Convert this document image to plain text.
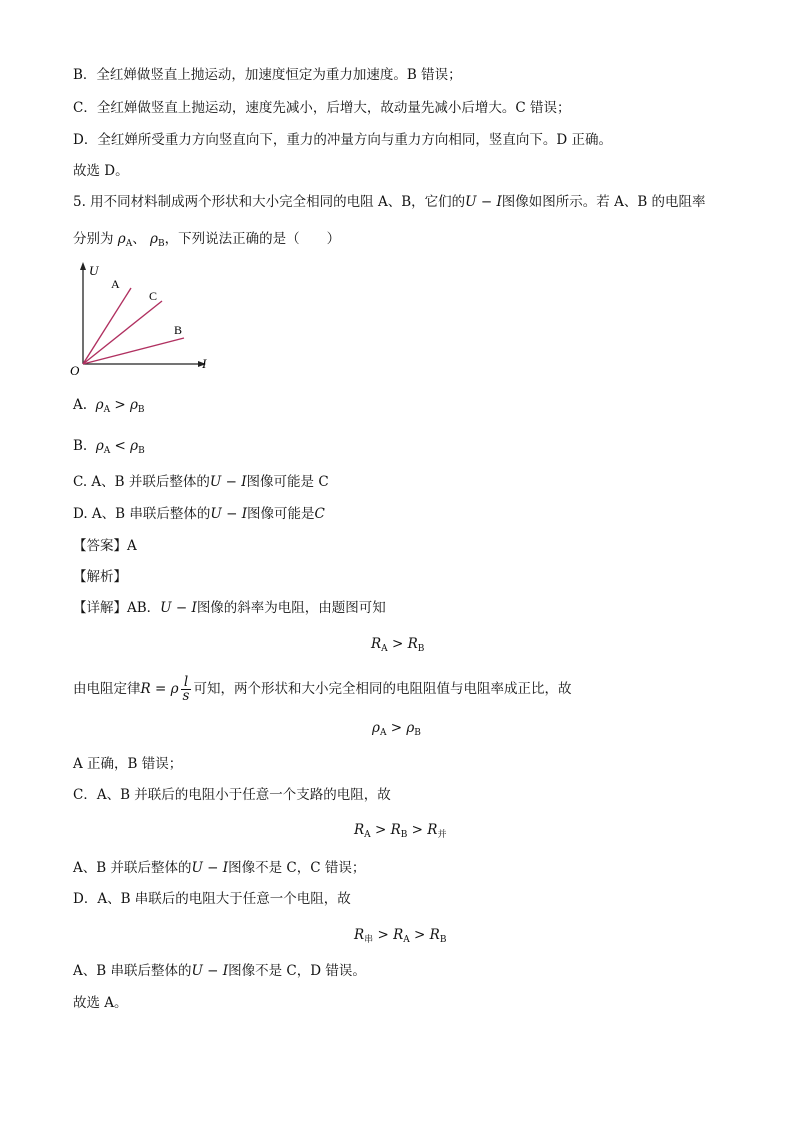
B．全红婵做竖直上抛运动，加速度恒定为重力加速度。B 错误；
C．全红婵做竖直上抛运动，速度先减小，后增大，故动量先减小后增大。C 错误；
D．全红婵所受重力方向竖直向下，重力的冲量方向与重力方向相同，竖直向下。D 正确。
故选 D。
5. 用不同材料制成两个形状和大小完全相同的电阻 A、B，它们的U − I图像如图所示。若 A、B 的电阻率
分别为 $\rho_A$、 $\rho_B$，下列说法正确的是（　　）
U
I
O
A
C
B
A. $\rho_A > \rho_B$
B. $\rho_A < \rho_B$
C. A、B 并联后整体的U − I图像可能是 C
D. A、B 串联后整体的U − I图像可能是C
【答案】A
【解析】
【详解】AB．U − I图像的斜率为电阻，由题图可知
$R_A > R_B$
由电阻定律R = ρ $\frac{l}{s}$ 可知，两个形状和大小完全相同的电阻阻值与电阻率成正比，故
$\rho_A > \rho_B$
A 正确，B 错误；
C．A、B 并联后的电阻小于任意一个支路的电阻，故
$R_A > R_B > R_并$
A、B 并联后整体的U − I图像不是 C，C 错误；
D．A、B 串联后的电阻大于任意一个电阻，故
$R_串 > R_A > R_B$
A、B 串联后整体的U − I图像不是 C，D 错误。
故选 A。
